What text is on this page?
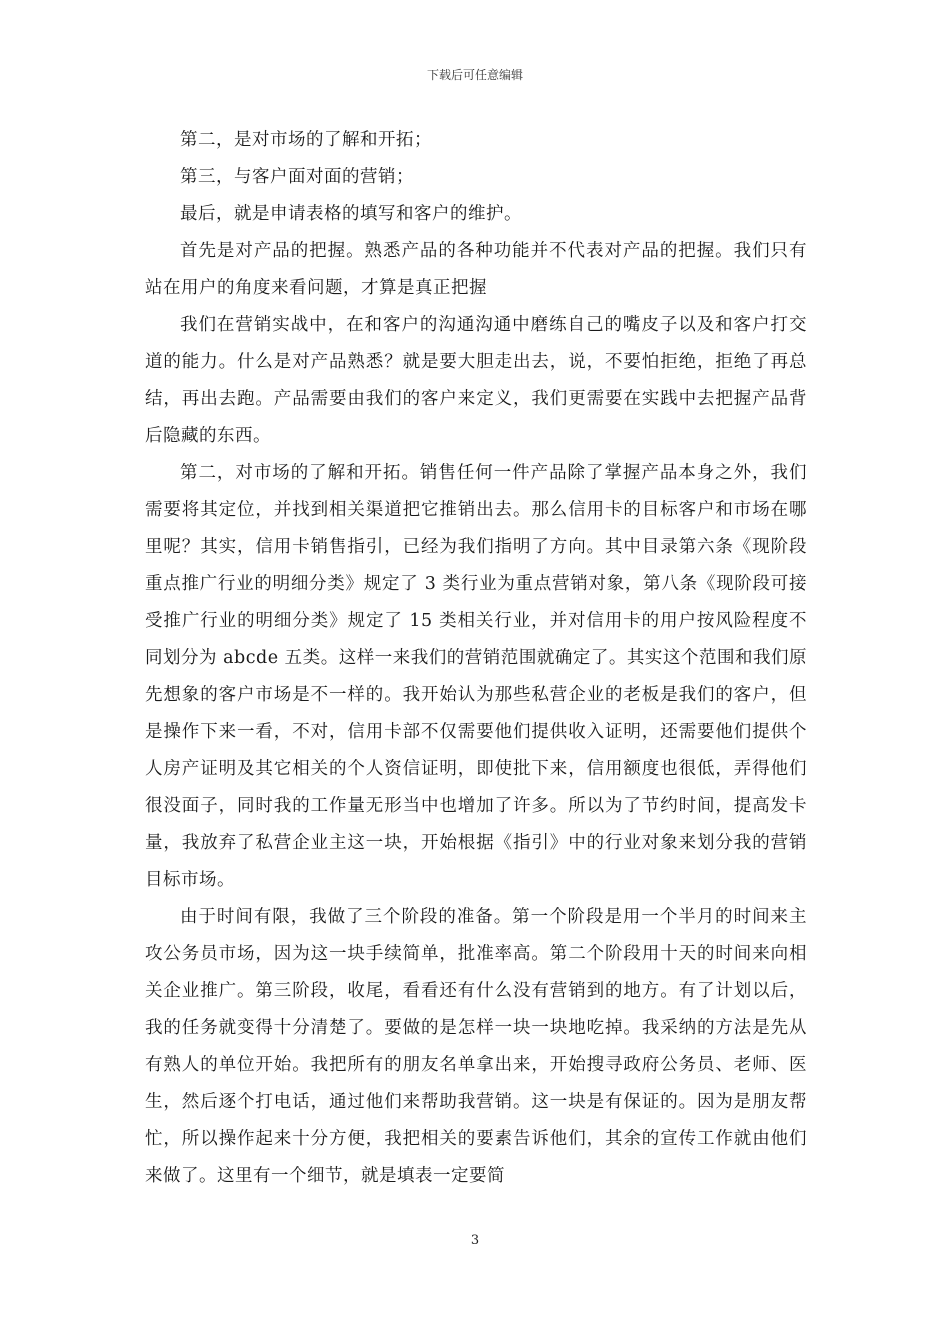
下载后可任意编辑

第二，是对市场的了解和开拓；

第三，与客户面对面的营销；

最后，就是申请表格的填写和客户的维护。

首先是对产品的把握。熟悉产品的各种功能并不代表对产品的把握。我们只有站在用户的角度来看问题，才算是真正把握

我们在营销实战中，在和客户的沟通沟通中磨练自己的嘴皮子以及和客户打交道的能力。什么是对产品熟悉？就是要大胆走出去，说，不要怕拒绝，拒绝了再总结，再出去跑。产品需要由我们的客户来定义，我们更需要在实践中去把握产品背后隐藏的东西。

第二，对市场的了解和开拓。销售任何一件产品除了掌握产品本身之外，我们需要将其定位，并找到相关渠道把它推销出去。那么信用卡的目标客户和市场在哪里呢？其实，信用卡销售指引，已经为我们指明了方向。其中目录第六条《现阶段重点推广行业的明细分类》规定了 3 类行业为重点营销对象，第八条《现阶段可接受推广行业的明细分类》规定了 15 类相关行业，并对信用卡的用户按风险程度不同划分为 abcde 五类。这样一来我们的营销范围就确定了。其实这个范围和我们原先想象的客户市场是不一样的。我开始认为那些私营企业的老板是我们的客户，但是操作下来一看，不对，信用卡部不仅需要他们提供收入证明，还需要他们提供个人房产证明及其它相关的个人资信证明，即使批下来，信用额度也很低，弄得他们很没面子，同时我的工作量无形当中也增加了许多。所以为了节约时间，提高发卡量，我放弃了私营企业主这一块，开始根据《指引》中的行业对象来划分我的营销目标市场。

由于时间有限，我做了三个阶段的准备。第一个阶段是用一个半月的时间来主攻公务员市场，因为这一块手续简单，批准率高。第二个阶段用十天的时间来向相关企业推广。第三阶段，收尾，看看还有什么没有营销到的地方。有了计划以后，我的任务就变得十分清楚了。要做的是怎样一块一块地吃掉。我采纳的方法是先从有熟人的单位开始。我把所有的朋友名单拿出来，开始搜寻政府公务员、老师、医生，然后逐个打电话，通过他们来帮助我营销。这一块是有保证的。因为是朋友帮忙，所以操作起来十分方便，我把相关的要素告诉他们，其余的宣传工作就由他们来做了。这里有一个细节，就是填表一定要简

3
